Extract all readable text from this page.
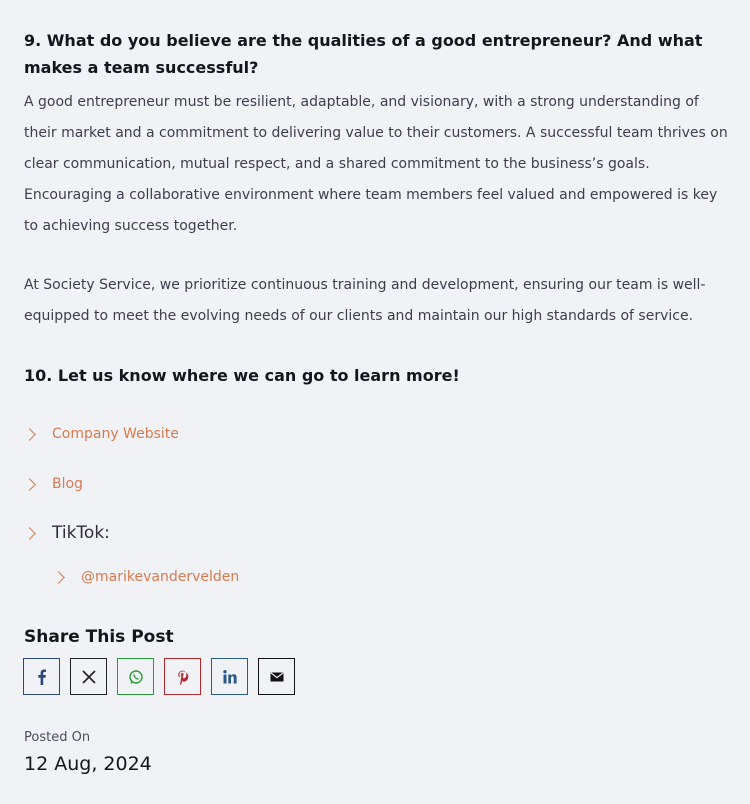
9. What do you believe are the qualities of a good entrepreneur? And what makes a team successful?

A good entrepreneur must be resilient, adaptable, and visionary, with a strong understanding of their market and a commitment to delivering value to their customers. A successful team thrives on clear communication, mutual respect, and a shared commitment to the business’s goals. Encouraging a collaborative environment where team members feel valued and empowered is key to achieving success together.

At Society Service, we prioritize continuous training and development, ensuring our team is well-equipped to meet the evolving needs of our clients and maintain our high standards of service.

10. Let us know where we can go to learn more!
Company Website
Blog
TikTok:
@marikevandervelden
Share This Post
Posted On
12 Aug, 2024
